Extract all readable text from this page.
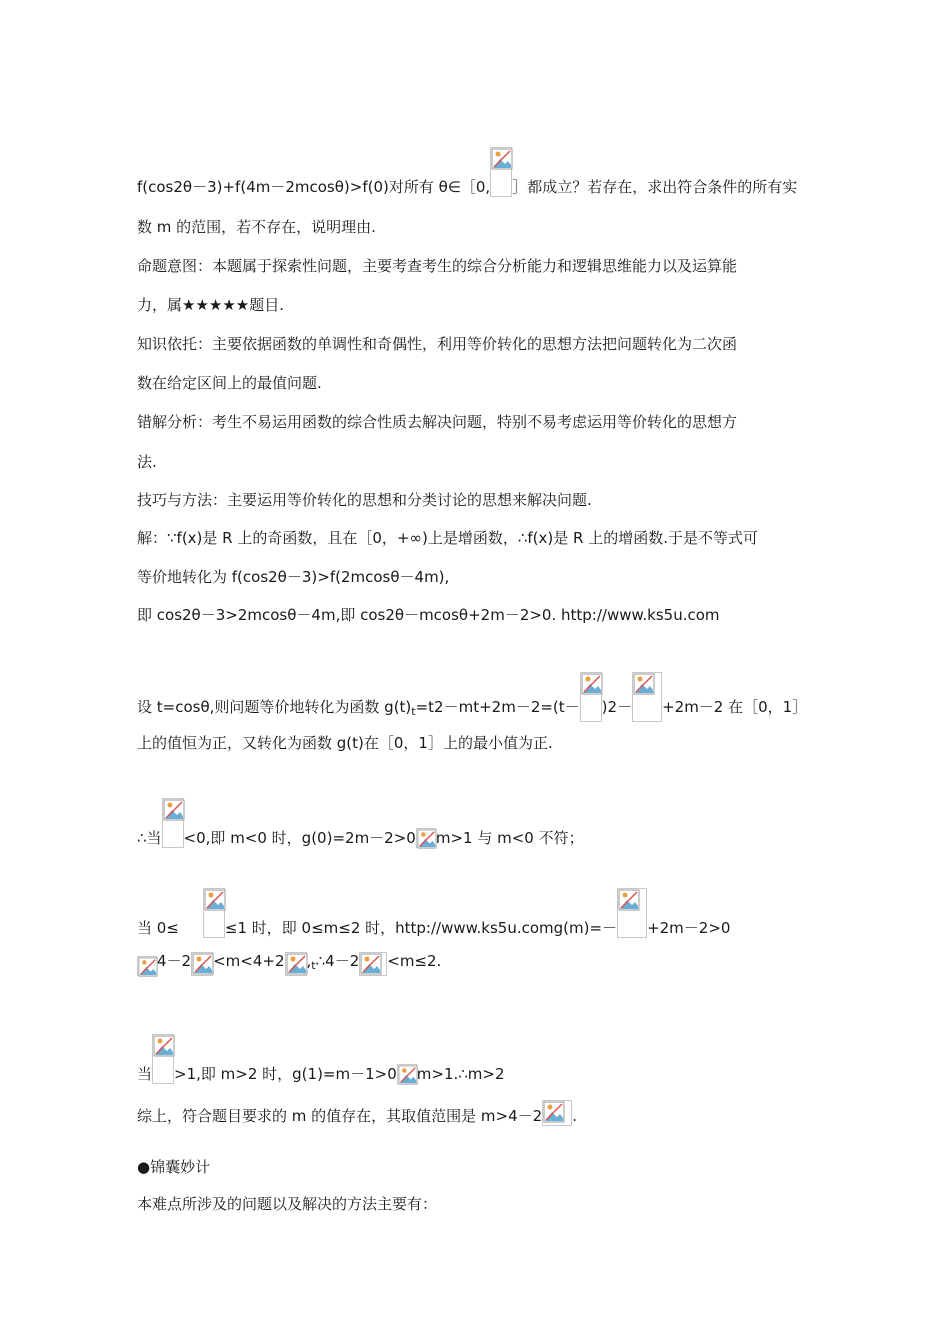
f(cos2θ－3)+f(4m－2mcosθ)>f(0)对所有 θ∈［0, ］都成立？若存在，求出符合条件的所有实
数 m 的范围，若不存在，说明理由.
命题意图：本题属于探索性问题，主要考查考生的综合分析能力和逻辑思维能力以及运算能
力，属★★★★★题目.
知识依托：主要依据函数的单调性和奇偶性，利用等价转化的思想方法把问题转化为二次函
数在给定区间上的最值问题.
错解分析：考生不易运用函数的综合性质去解决问题，特别不易考虑运用等价转化的思想方
法.
技巧与方法：主要运用等价转化的思想和分类讨论的思想来解决问题.
解：∵f(x)是 R 上的奇函数，且在［0，+∞)上是增函数，∴f(x)是 R 上的增函数.于是不等式可
等价地转化为 f(cos2θ－3)>f(2mcosθ－4m),
即 cos2θ－3>2mcosθ－4m,即 cos2θ－mcosθ+2m－2>0. http://www.ks5u.com
设 t=cosθ,则问题等价地转化为函数 $g(t)_t=t2-mt+2m-2=(t- )2- +2m-2$ 在［0，1］
上的值恒为正，又转化为函数 g(t)在［0，1］上的最小值为正.
∴当 <0,即 m<0 时，g(0)=2m－2>0 m>1 与 m<0 不符；
当 0≤	≤1 时，即 0≤m≤2 时，http://www.ks5u.comg(m)=－ +2m－2>0
4－2 <m<4+2 $,_t\therefore 4-2 <m\le 2$.
当 >1,即 m>2 时，g(1)=m－1>0 m>1.∴m>2
综上，符合题目要求的 m 的值存在，其取值范围是 m>4－2 .
●锦囊妙计
本难点所涉及的问题以及解决的方法主要有：
